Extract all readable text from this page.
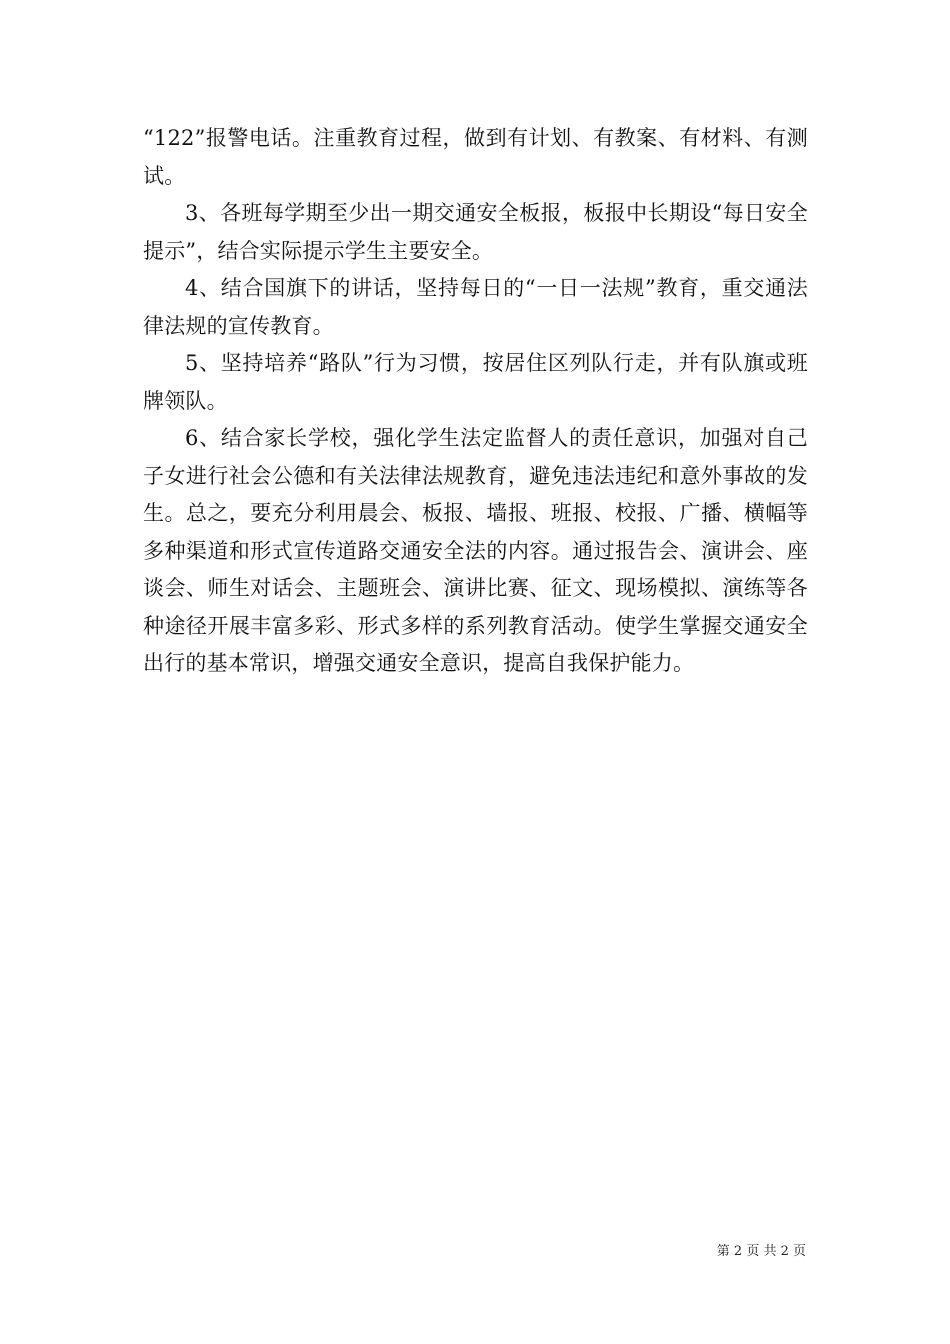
“122”报警电话。注重教育过程，做到有计划、有教案、有材料、有测试。

3、各班每学期至少出一期交通安全板报，板报中长期设“每日安全提示”，结合实际提示学生主要安全。

4、结合国旗下的讲话，坚持每日的“一日一法规”教育，重交通法律法规的宣传教育。

5、坚持培养“路队”行为习惯，按居住区列队行走，并有队旗或班牌领队。

6、结合家长学校，强化学生法定监督人的责任意识，加强对自己子女进行社会公德和有关法律法规教育，避免违法违纪和意外事故的发生。总之，要充分利用晨会、板报、墙报、班报、校报、广播、横幅等多种渠道和形式宣传道路交通安全法的内容。通过报告会、演讲会、座谈会、师生对话会、主题班会、演讲比赛、征文、现场模拟、演练等各种途径开展丰富多彩、形式多样的系列教育活动。使学生掌握交通安全出行的基本常识，增强交通安全意识，提高自我保护能力。

第 2 页 共 2 页
